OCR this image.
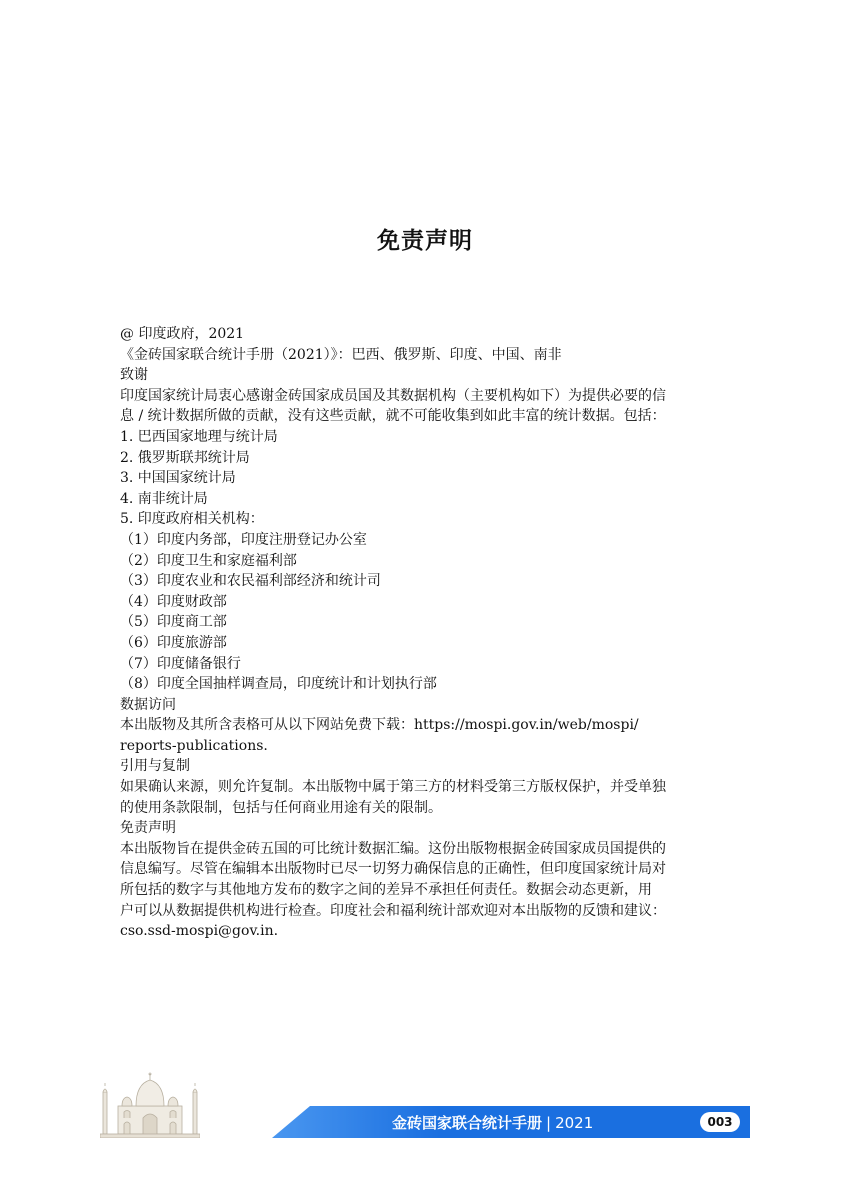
免责声明
@ 印度政府，2021
《金砖国家联合统计手册（2021）》：巴西、俄罗斯、印度、中国、南非
致谢
印度国家统计局衷心感谢金砖国家成员国及其数据机构（主要机构如下）为提供必要的信
息 / 统计数据所做的贡献，没有这些贡献，就不可能收集到如此丰富的统计数据。包括：
1. 巴西国家地理与统计局
2. 俄罗斯联邦统计局
3. 中国国家统计局
4. 南非统计局
5. 印度政府相关机构：
（1）印度内务部，印度注册登记办公室
（2）印度卫生和家庭福利部
（3）印度农业和农民福利部经济和统计司
（4）印度财政部
（5）印度商工部
（6）印度旅游部
（7）印度储备银行
（8）印度全国抽样调查局，印度统计和计划执行部
数据访问
本出版物及其所含表格可从以下网站免费下载：https://mospi.gov.in/web/mospi/
reports-publications.
引用与复制
如果确认来源，则允许复制。本出版物中属于第三方的材料受第三方版权保护，并受单独
的使用条款限制，包括与任何商业用途有关的限制。
免责声明
本出版物旨在提供金砖五国的可比统计数据汇编。这份出版物根据金砖国家成员国提供的
信息编写。尽管在编辑本出版物时已尽一切努力确保信息的正确性，但印度国家统计局对
所包括的数字与其他地方发布的数字之间的差异不承担任何责任。数据会动态更新，用
户可以从数据提供机构进行检查。印度社会和福利统计部欢迎对本出版物的反馈和建议：
cso.ssd-mospi@gov.in.
金砖国家联合统计手册 | 2021	003
